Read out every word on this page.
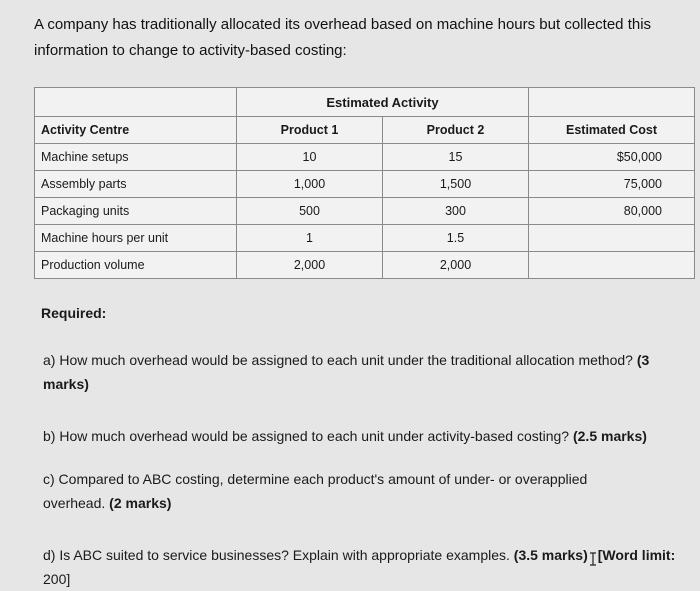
A company has traditionally allocated its overhead based on machine hours but collected this information to change to activity-based costing:
	Estimated Activity		
Activity Centre	Product 1	Product 2	Estimated Cost
Machine setups	10	15	$50,000
Assembly parts	1,000	1,500	75,000
Packaging units	500	300	80,000
Machine hours per unit	1	1.5	
Production volume	2,000	2,000	
Required:
a) How much overhead would be assigned to each unit under the traditional allocation method? (3 marks)
b) How much overhead would be assigned to each unit under activity-based costing? (2.5 marks)
c) Compared to ABC costing, determine each product's amount of under- or overapplied overhead. (2 marks)
d) Is ABC suited to service businesses? Explain with appropriate examples. (3.5 marks) [Word limit:
200]
